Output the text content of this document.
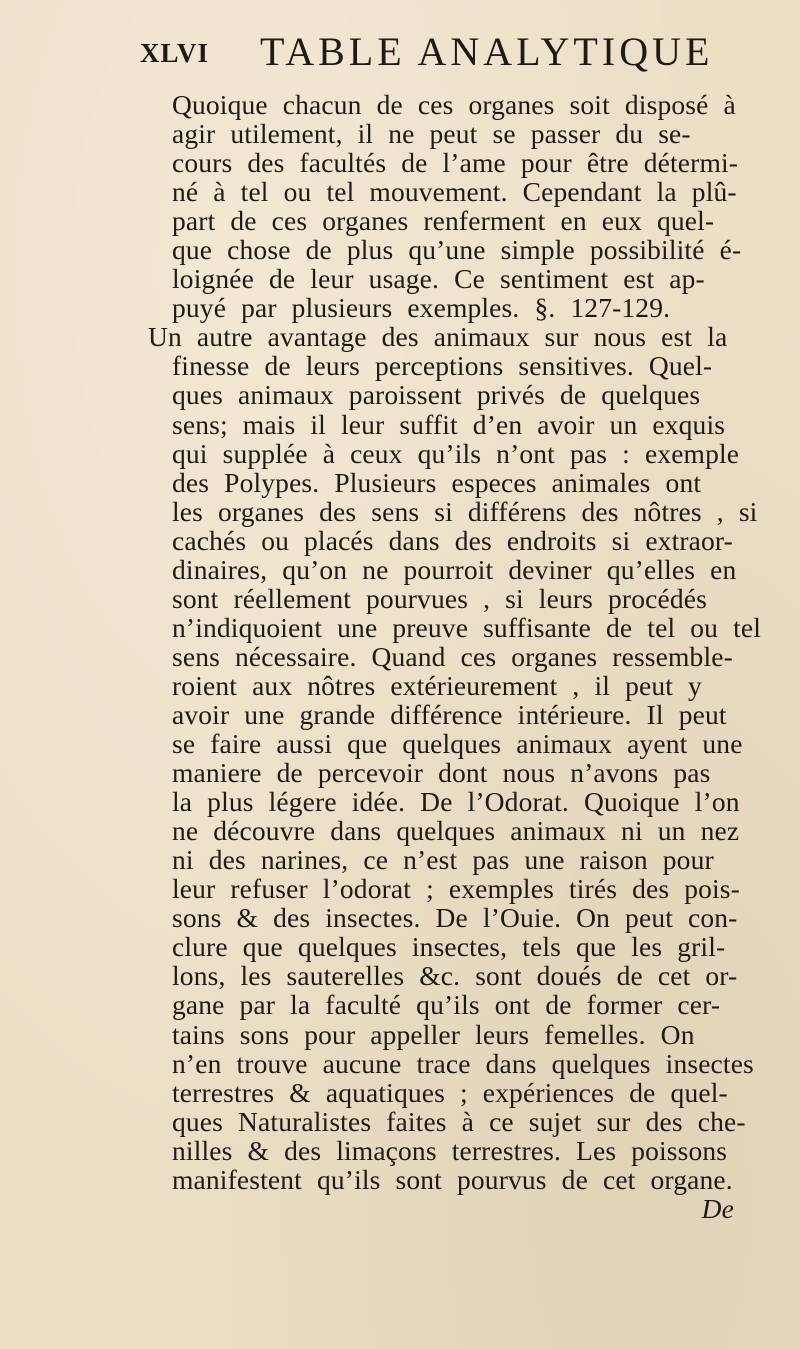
XLVI TABLE ANALYTIQUE
Quoique chacun de ces organes soit disposé à
agir utilement, il ne peut se passer du se-
cours des facultés de l’ame pour être détermi-
né à tel ou tel mouvement. Cependant la plû-
part de ces organes renferment en eux quel-
que chose de plus qu’une simple possibilité é-
loignée de leur usage. Ce sentiment est ap-
puyé par plusieurs exemples. §. 127-129.
Un autre avantage des animaux sur nous est la
finesse de leurs perceptions sensitives. Quel-
ques animaux paroissent privés de quelques
sens; mais il leur suffit d’en avoir un exquis
qui supplée à ceux qu’ils n’ont pas : exemple
des Polypes. Plusieurs especes animales ont
les organes des sens si différens des nôtres , si
cachés ou placés dans des endroits si extraor-
dinaires, qu’on ne pourroit deviner qu’elles en
sont réellement pourvues , si leurs procédés
n’indiquoient une preuve suffisante de tel ou tel
sens nécessaire. Quand ces organes ressemble-
roient aux nôtres extérieurement , il peut y
avoir une grande différence intérieure. Il peut
se faire aussi que quelques animaux ayent une
maniere de percevoir dont nous n’avons pas
la plus légere idée. De l’Odorat. Quoique l’on
ne découvre dans quelques animaux ni un nez
ni des narines, ce n’est pas une raison pour
leur refuser l’odorat ; exemples tirés des pois-
sons & des insectes. De l’Ouie. On peut con-
clure que quelques insectes, tels que les gril-
lons, les sauterelles &c. sont doués de cet or-
gane par la faculté qu’ils ont de former cer-
tains sons pour appeller leurs femelles. On
n’en trouve aucune trace dans quelques insectes
terrestres & aquatiques ; expériences de quel-
ques Naturalistes faites à ce sujet sur des che-
nilles & des limaçons terrestres. Les poissons
manifestent qu’ils sont pourvus de cet organe.
De
